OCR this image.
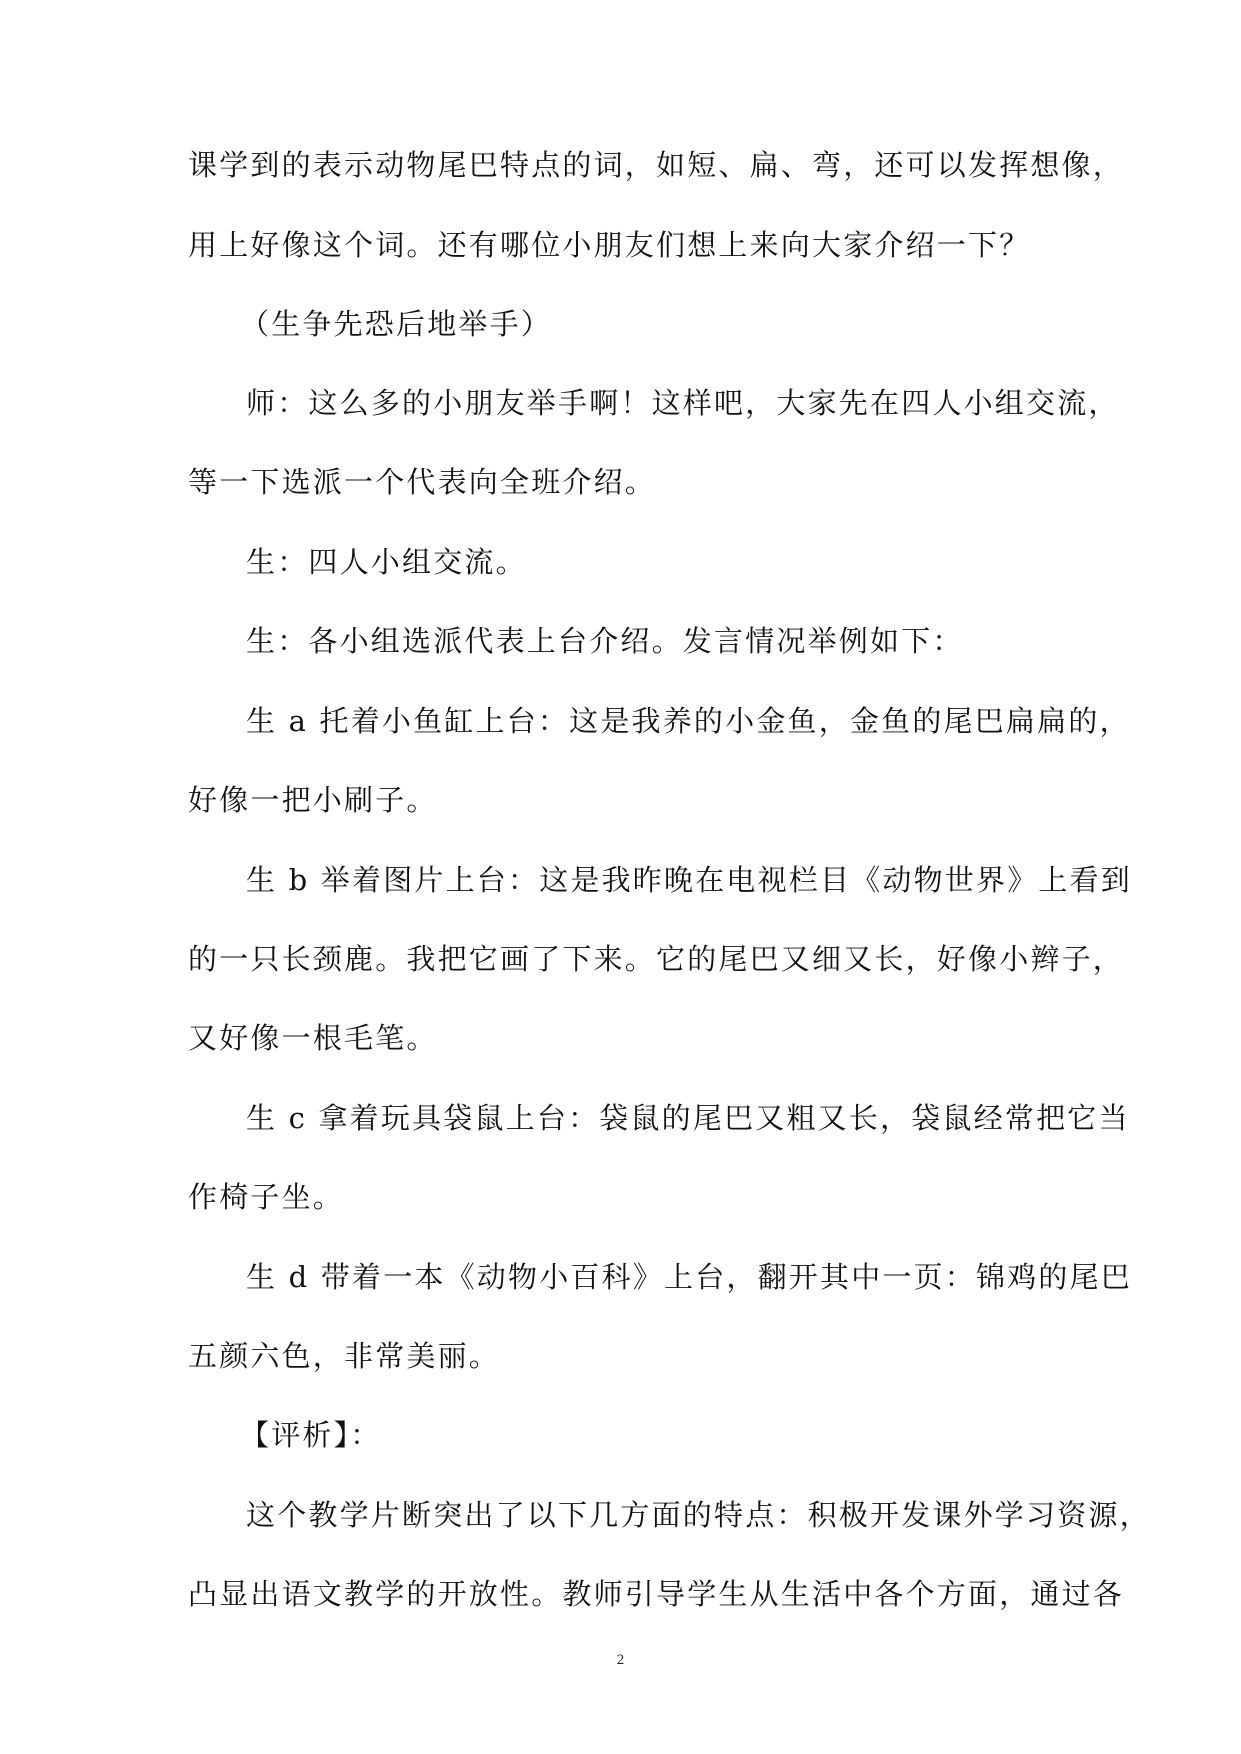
课学到的表示动物尾巴特点的词，如短、扁、弯，还可以发挥想像，
用上好像这个词。还有哪位小朋友们想上来向大家介绍一下？
（生争先恐后地举手）
师：这么多的小朋友举手啊！这样吧，大家先在四人小组交流，
等一下选派一个代表向全班介绍。
生：四人小组交流。
生：各小组选派代表上台介绍。发言情况举例如下：
生 a 托着小鱼缸上台：这是我养的小金鱼，金鱼的尾巴扁扁的，
好像一把小刷子。
生 b 举着图片上台：这是我昨晚在电视栏目《动物世界》上看到
的一只长颈鹿。我把它画了下来。它的尾巴又细又长，好像小辫子，
又好像一根毛笔。
生 c 拿着玩具袋鼠上台：袋鼠的尾巴又粗又长，袋鼠经常把它当
作椅子坐。
生 d 带着一本《动物小百科》上台，翻开其中一页：锦鸡的尾巴
五颜六色，非常美丽。
【评析】：
这个教学片断突出了以下几方面的特点：积极开发课外学习资源，
凸显出语文教学的开放性。教师引导学生从生活中各个方面，通过各
2
